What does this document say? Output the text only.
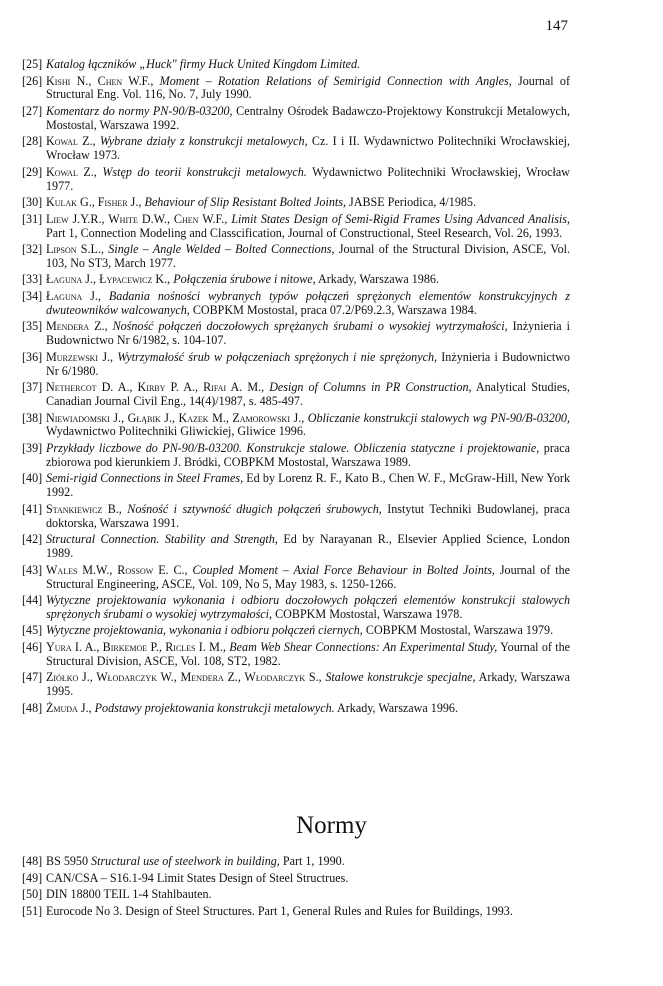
147
[25] Katalog łączników „Huck" firmy Huck United Kingdom Limited.
[26] Kishi N., Chen W.F., Moment – Rotation Relations of Semirigid Connection with Angles, Journal of Structural Eng. Vol. 116, No. 7, July 1990.
[27] Komentarz do normy PN-90/B-03200, Centralny Ośrodek Badawczo-Projektowy Konstrukcji Metalowych, Mostostal, Warszawa 1992.
[28] Kowal Z., Wybrane działy z konstrukcji metalowych, Cz. I i II. Wydawnictwo Politechniki Wrocławskiej, Wrocław 1973.
[29] Kowal Z., Wstęp do teorii konstrukcji metalowych. Wydawnictwo Politechniki Wrocławskiej, Wrocław 1977.
[30] Kulak G., Fisher J., Behaviour of Slip Resistant Bolted Joints, JABSE Periodica, 4/1985.
[31] Liew J.Y.R., White D.W., Chen W.F., Limit States Design of Semi-Rigid Frames Using Advanced Analisis, Part 1, Connection Modeling and Classcification, Journal of Constructional, Steel Research, Vol. 26, 1993.
[32] Lipson S.L., Single – Angle Welded – Bolted Connections, Journal of the Structural Division, ASCE, Vol. 103, No ST3, March 1977.
[33] Łaguna J., Łypacewicz K., Połączenia śrubowe i nitowe, Arkady, Warszawa 1986.
[34] Łaguna J., Badania nośności wybranych typów połączeń sprężonych elementów konstrukcyjnych z dwuteowników walcowanych, COBPKM Mostostal, praca 07.2/P69.2.3, Warszawa 1984.
[35] Mendera Z., Nośność połączeń doczołowych sprężanych śrubami o wysokiej wytrzymałości, Inżynieria i Budownictwo Nr 6/1982, s. 104-107.
[36] Murzewski J., Wytrzymałość śrub w połączeniach sprężonych i nie sprężonych, Inżynieria i Budownictwo Nr 6/1980.
[37] Nethercot D. A., Kirby P. A., Rifai A. M., Design of Columns in PR Construction, Analytical Studies, Canadian Journal Civil Eng., 14(4)/1987, s. 485-497.
[38] Niewiadomski J., Głąbik J., Kazek M., Zamorowski J., Obliczanie konstrukcji stalowych wg PN-90/B-03200, Wydawnictwo Politechniki Gliwickiej, Gliwice 1996.
[39] Przykłady liczbowe do PN-90/B-03200. Konstrukcje stalowe. Obliczenia statyczne i projektowanie, praca zbiorowa pod kierunkiem J. Bródki, COBPKM Mostostal, Warszawa 1989.
[40] Semi-rigid Connections in Steel Frames, Ed by Lorenz R. F., Kato B., Chen W. F., McGraw-Hill, New York 1992.
[41] Stankiewicz B., Nośność i sztywność długich połączeń śrubowych, Instytut Techniki Budowlanej, praca doktorska, Warszawa 1991.
[42] Structural Connection. Stability and Strength, Ed by Narayanan R., Elsevier Applied Science, London 1989.
[43] Wales M.W., Rossow E. C., Coupled Moment – Axial Force Behaviour in Bolted Joints, Journal of the Structural Engineering, ASCE, Vol. 109, No 5, May 1983, s. 1250-1266.
[44] Wytyczne projektowania wykonania i odbioru doczołowych połączeń elementów konstrukcji stalowych sprężonych śrubami o wysokiej wytrzymałości, COBPKM Mostostal, Warszawa 1978.
[45] Wytyczne projektowania, wykonania i odbioru połączeń ciernych, COBPKM Mostostal, Warszawa 1979.
[46] Yura I. A., Birkemoe P., Ricles I. M., Beam Web Shear Connections: An Experimental Study, Yournal of the Structural Division, ASCE, Vol. 108, ST2, 1982.
[47] Ziółko J., Włodarczyk W., Mendera Z., Włodarczyk S., Stalowe konstrukcje specjalne, Arkady, Warszawa 1995.
[48] Żmuda J., Podstawy projektowania konstrukcji metalowych. Arkady, Warszawa 1996.
Normy
[48] BS 5950 Structural use of steelwork in building, Part 1, 1990.
[49] CAN/CSA – S16.1-94 Limit States Design of Steel Structrues.
[50] DIN 18800 TEIL 1-4 Stahlbauten.
[51] Eurocode No 3. Design of Steel Structures. Part 1, General Rules and Rules for Buildings, 1993.
